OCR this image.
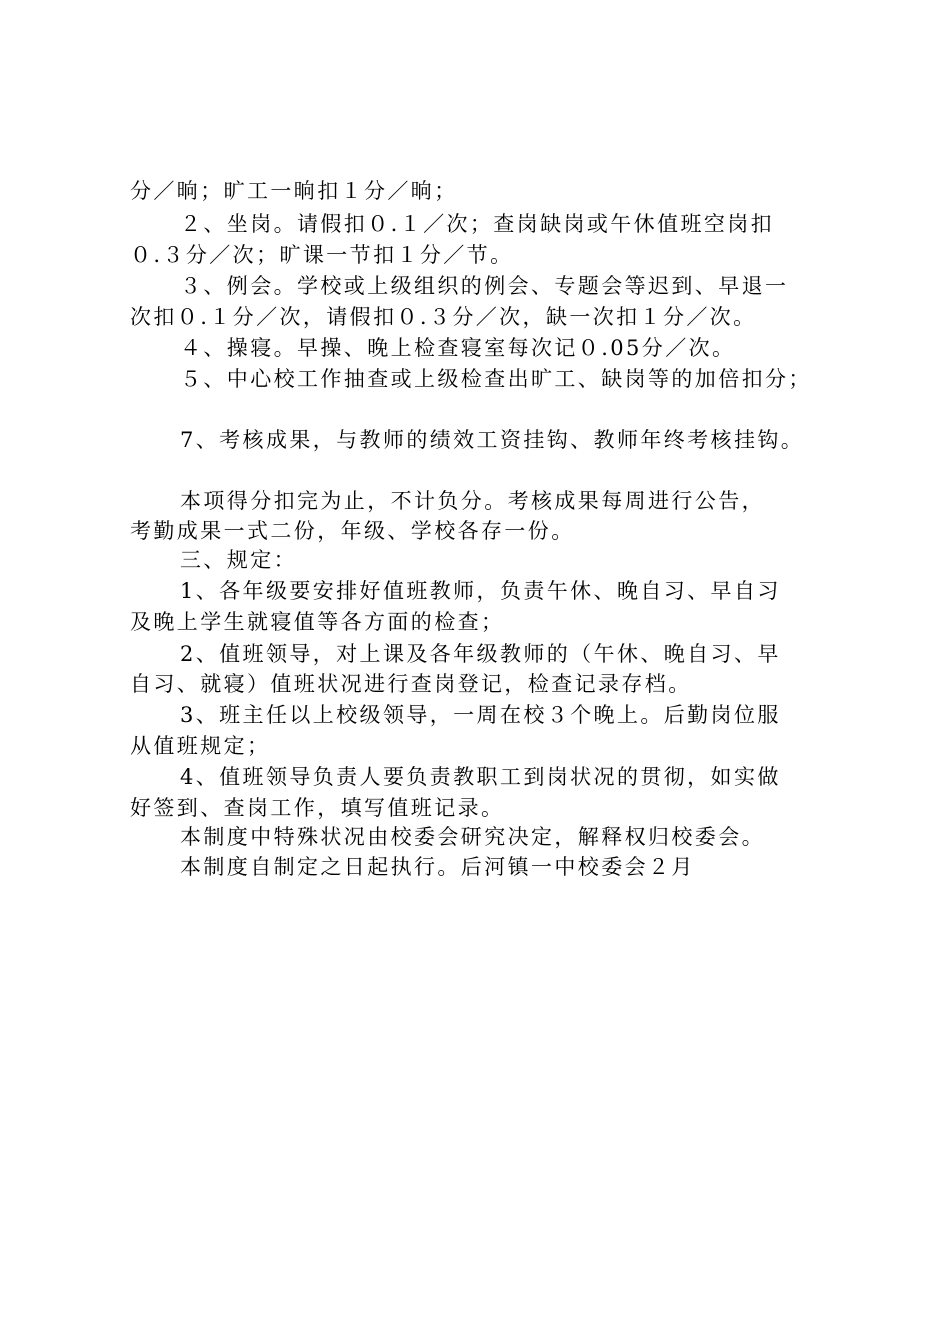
分／晌；旷工一晌扣１分／晌；
２、坐岗。请假扣０.１／次；查岗缺岗或午休值班空岗扣
０.３分／次；旷课一节扣１分／节。
３、例会。学校或上级组织的例会、专题会等迟到、早退一
次扣０.１分／次，请假扣０.３分／次，缺一次扣１分／次。
４、操寝。早操、晚上检查寝室每次记０.05分／次。
５、中心校工作抽查或上级检查出旷工、缺岗等的加倍扣分；
7、考核成果，与教师的绩效工资挂钩、教师年终考核挂钩。
本项得分扣完为止，不计负分。考核成果每周进行公告，
考勤成果一式二份，年级、学校各存一份。
三、规定：
1、各年级要安排好值班教师，负责午休、晚自习、早自习
及晚上学生就寝值等各方面的检查；
2、值班领导，对上课及各年级教师的（午休、晚自习、早
自习、就寝）值班状况进行查岗登记，检查记录存档。
3、班主任以上校级领导，一周在校３个晚上。后勤岗位服
从值班规定；
4、值班领导负责人要负责教职工到岗状况的贯彻，如实做
好签到、查岗工作，填写值班记录。
本制度中特殊状况由校委会研究决定，解释权归校委会。
本制度自制定之日起执行。后河镇一中校委会２月
